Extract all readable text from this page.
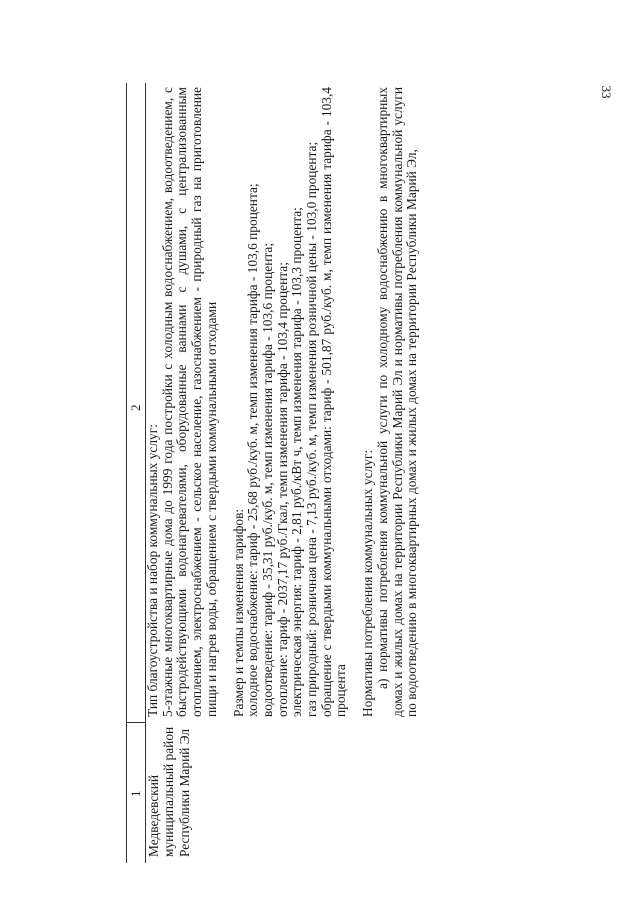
33
1
2
Медведевский муниципальный район Республики Марий Эл

Тип благоустройства и набор коммунальных услуг: 5-этажные многоквартирные дома до 1999 года постройки с холодным водоснабжением, водоотведением, с быстродействующими водонагревателями, оборудованные ваннами с душами, с централизованным отоплением, электроснабжением - сельское население, газоснабжением - природный газ на приготовление пищи и нагрев воды, обращением с твердыми коммунальными отходами Размер и темпы изменения тарифов: холодное водоснабжение: тариф - 25,68 руб./куб. м, темп изменения тарифа - 103,6 процента; водоотведение: тариф - 35,31 руб./куб. м, темп изменения тарифа - 103,6 процента; отопление: тариф - 2037,17 руб./Гкал, темп изменения тарифа - 103,4 процента; электрическая энергия: тариф - 2,81 руб./кВт ч, темп изменения тарифа - 103,3 процента; газ природный: розничная цена - 7,13 руб./куб. м, темп изменения розничной цены - 103,0 процента; обращение с твердыми коммунальными отходами: тариф - 501,87 руб./куб. м, темп изменения тарифа - 103,4 процента Нормативы потребления коммунальных услуг: а) нормативы потребления коммунальной услуги по холодному водоснабжению в многоквартирных домах и жилых домах на территории Республики Марий Эл и нормативы потребления коммунальной услуги по водоотведению в многоквартирных домах и жилых домах на территории Республики Марий Эл,
